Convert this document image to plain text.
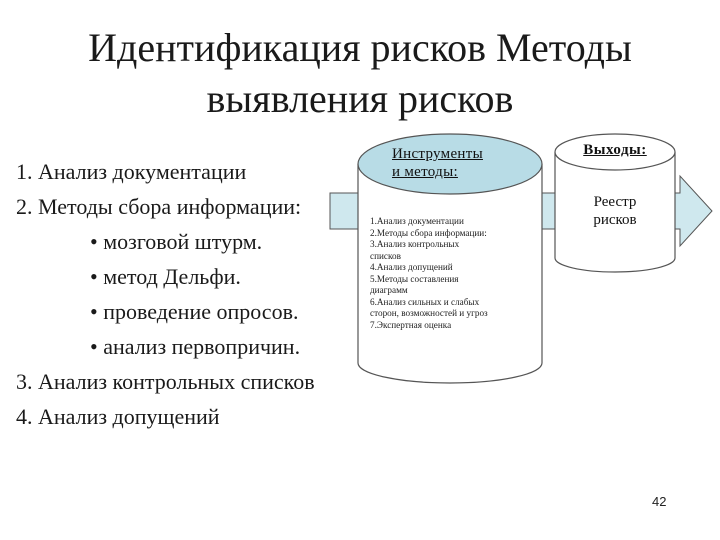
Идентификация рисков Методы
выявления рисков
1. Анализ документации
2. Методы сбора информации:
• мозговой штурм.
• метод Дельфи.
• проведение опросов.
• анализ первопричин.
3. Анализ контрольных списков
4. Анализ допущений
Инструменты
и методы:
1.Анализ документации
2.Методы сбора информации:
3.Анализ контрольных
списков
4.Анализ допущений
5.Методы составления
диаграмм
6.Анализ сильных и слабых
сторон, возможностей и угроз
7.Экспертная оценка
Выходы:
Реестр
рисков
42
